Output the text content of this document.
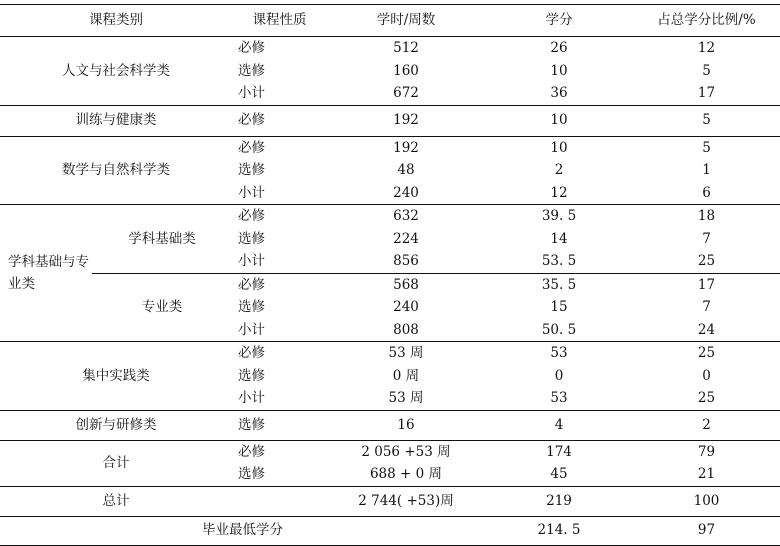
课程类别		课程性质	学时/周数	学分	占总学分比例/%
人文与社会科学类		必修	512	26	12
		选修	160	10	5
		小计	672	36	17
训练与健康类		必修	192	10	5
数学与自然科学类		必修	192	10	5
		选修	48	2	1
		小计	240	12	6
学科基础与专业类	学科基础类	必修	632	39. 5	18
		选修	224	14	7
		小计	856	53. 5	25
	专业类	必修	568	35. 5	17
		选修	240	15	7
		小计	808	50. 5	24
集中实践类		必修	53 周	53	25
		选修	0 周	0	0
		小计	53 周	53	25
创新与研修类		选修	16	4	2
合计		必修	2 056 +53 周	174	79
		选修	688 + 0 周	45	21
总计			2 744( +53)周	219	100
毕业最低学分				214. 5	97
